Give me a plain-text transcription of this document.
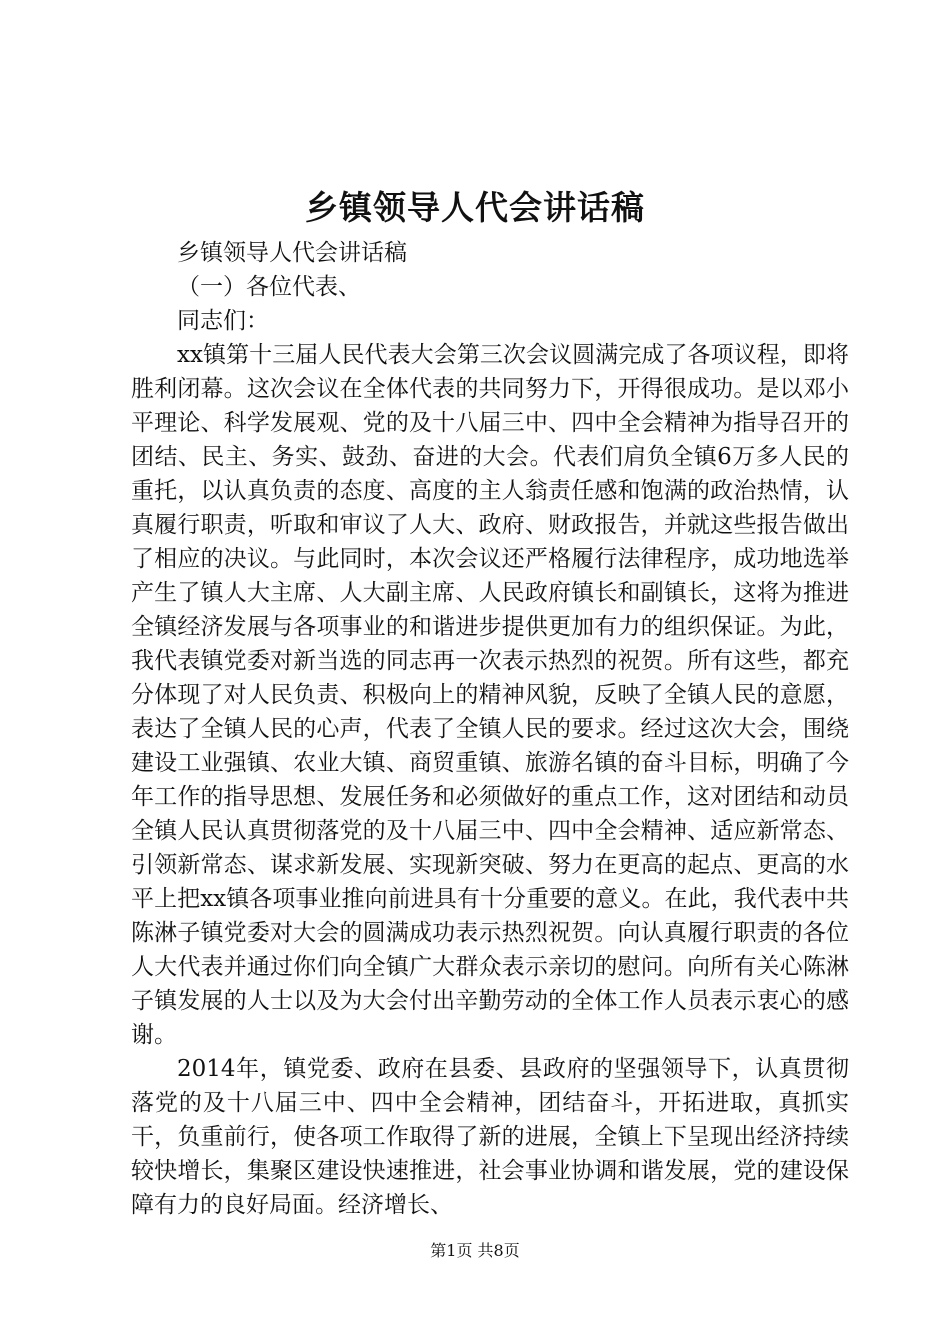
乡镇领导人代会讲话稿

乡镇领导人代会讲话稿

（一）各位代表、

同志们：

xx镇第十三届人民代表大会第三次会议圆满完成了各项议程，即将胜利闭幕。这次会议在全体代表的共同努力下，开得很成功。是以邓小平理论、科学发展观、党的及十八届三中、四中全会精神为指导召开的团结、民主、务实、鼓劲、奋进的大会。代表们肩负全镇6万多人民的重托，以认真负责的态度、高度的主人翁责任感和饱满的政治热情，认真履行职责，听取和审议了人大、政府、财政报告，并就这些报告做出了相应的决议。与此同时，本次会议还严格履行法律程序，成功地选举产生了镇人大主席、人大副主席、人民政府镇长和副镇长，这将为推进全镇经济发展与各项事业的和谐进步提供更加有力的组织保证。为此，我代表镇党委对新当选的同志再一次表示热烈的祝贺。所有这些，都充分体现了对人民负责、积极向上的精神风貌，反映了全镇人民的意愿，表达了全镇人民的心声，代表了全镇人民的要求。经过这次大会，围绕建设工业强镇、农业大镇、商贸重镇、旅游名镇的奋斗目标，明确了今年工作的指导思想、发展任务和必须做好的重点工作，这对团结和动员全镇人民认真贯彻落党的及十八届三中、四中全会精神、适应新常态、引领新常态、谋求新发展、实现新突破、努力在更高的起点、更高的水平上把xx镇各项事业推向前进具有十分重要的意义。在此，我代表中共陈淋子镇党委对大会的圆满成功表示热烈祝贺。向认真履行职责的各位人大代表并通过你们向全镇广大群众表示亲切的慰问。向所有关心陈淋子镇发展的人士以及为大会付出辛勤劳动的全体工作人员表示衷心的感谢。

2014年，镇党委、政府在县委、县政府的坚强领导下，认真贯彻落党的及十八届三中、四中全会精神，团结奋斗，开拓进取，真抓实干，负重前行，使各项工作取得了新的进展，全镇上下呈现出经济持续较快增长，集聚区建设快速推进，社会事业协调和谐发展，党的建设保障有力的良好局面。经济增长、

第1页 共8页
